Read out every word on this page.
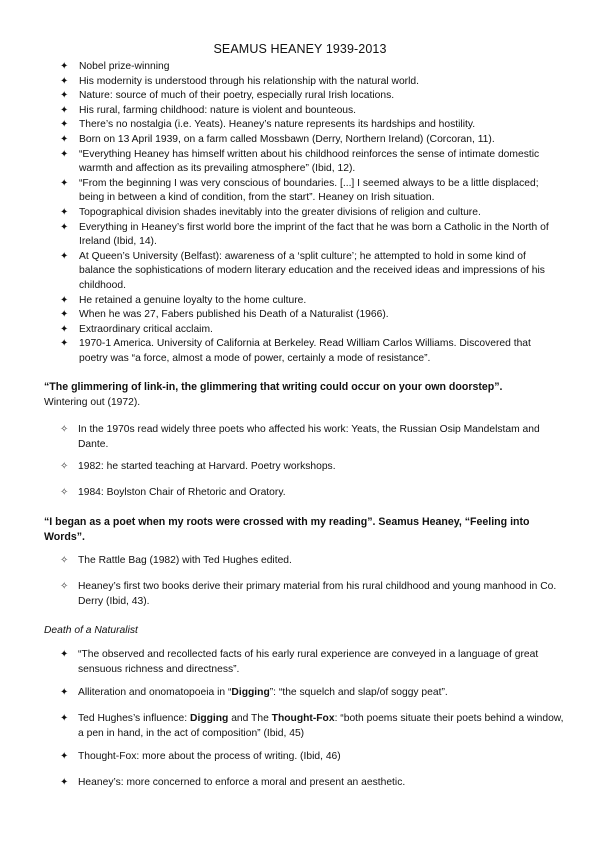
SEAMUS HEANEY 1939-2013
✦ Nobel prize-winning
✦ His modernity is understood through his relationship with the natural world.
✦ Nature: source of much of their poetry, especially rural Irish locations.
✦ His rural, farming childhood: nature is violent and bounteous.
✦ There’s no nostalgia (i.e. Yeats). Heaney’s nature represents its hardships and hostility.
✦ Born on 13 April 1939, on a farm called Mossbawn (Derry, Northern Ireland) (Corcoran, 11).
✦ “Everything Heaney has himself written about his childhood reinforces the sense of intimate domestic warmth and affection as its prevailing atmosphere” (Ibid, 12).
✦ “From the beginning I was very conscious of boundaries. [...] I seemed always to be a little displaced; being in between a kind of condition, from the start”. Heaney on Irish situation.
✦ Topographical division shades inevitably into the greater divisions of religion and culture.
✦ Everything in Heaney’s first world bore the imprint of the fact that he was born a Catholic in the North of Ireland (Ibid, 14).
✦ At Queen’s University (Belfast): awareness of a ‘split culture’; he attempted to hold in some kind of balance the sophistications of modern literary education and the received ideas and impressions of his childhood.
✦ He retained a genuine loyalty to the home culture.
✦ When he was 27, Fabers published his Death of a Naturalist (1966).
✦ Extraordinary critical acclaim.
✦ 1970-1 America. University of California at Berkeley. Read William Carlos Williams. Discovered that poetry was “a force, almost a mode of power, certainly a mode of resistance”.
“The glimmering of link-in, the glimmering that writing could occur on your own doorstep”.
Wintering out (1972).
✧ In the 1970s read widely three poets who affected his work: Yeats, the Russian Osip Mandelstam and Dante.
✧ 1982: he started teaching at Harvard. Poetry workshops.
✧ 1984: Boylston Chair of Rhetoric and Oratory.
“I began as a poet when my roots were crossed with my reading”. Seamus Heaney, “Feeling into Words”.
✧ The Rattle Bag (1982) with Ted Hughes edited.
✧ Heaney’s first two books derive their primary material from his rural childhood and young manhood in Co. Derry (Ibid, 43).
Death of a Naturalist
✦ “The observed and recollected facts of his early rural experience are conveyed in a language of great sensuous richness and directness”.
✦ Alliteration and onomatopoeia in “Digging”: “the squelch and slap/of soggy peat”.
✦ Ted Hughes’s influence: Digging and The Thought-Fox: “both poems situate their poets behind a window, a pen in hand, in the act of composition” (Ibid, 45)
✦ Thought-Fox: more about the process of writing. (Ibid, 46)
✦ Heaney’s: more concerned to enforce a moral and present an aesthetic.
